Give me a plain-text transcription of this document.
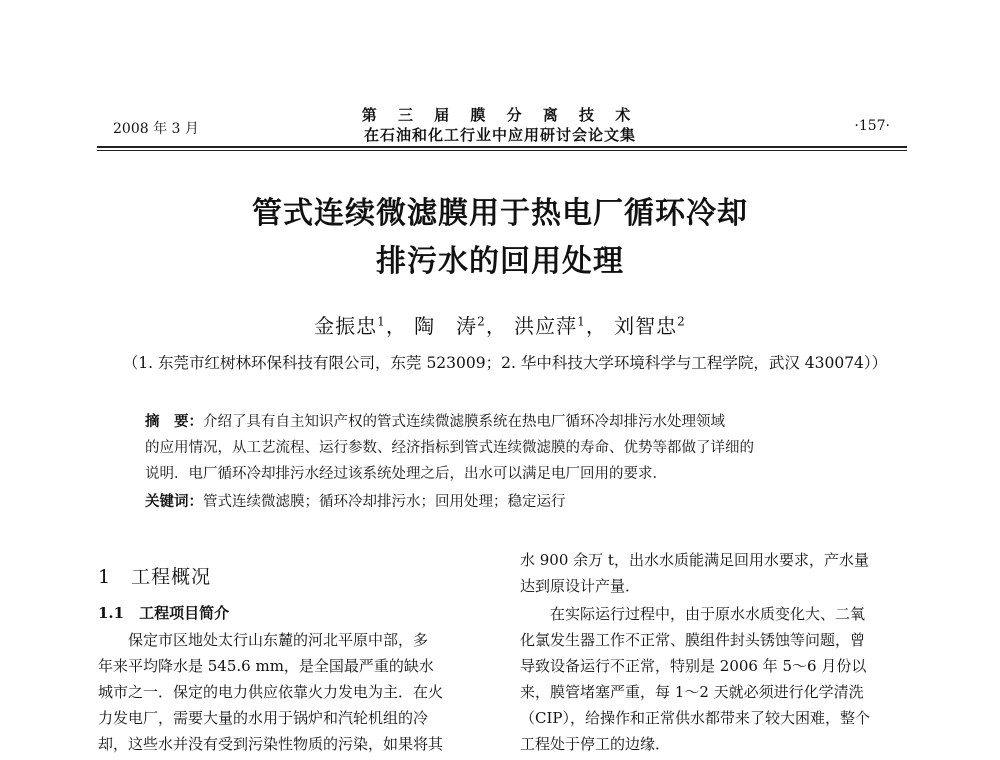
2008 年 3 月
第 三 届 膜 分 离 技 术
在石油和化工行业中应用研讨会论文集	·157·
管式连续微滤膜用于热电厂循环冷却
排污水的回用处理
金振忠$^1$， 陶　涛$^2$， 洪应萍$^1$， 刘智忠$^2$
（1. 东莞市红树林环保科技有限公司，东莞 523009；2. 华中科技大学环境科学与工程学院，武汉 430074））
摘　要：介绍了具有自主知识产权的管式连续微滤膜系统在热电厂循环冷却排污水处理领域
的应用情况，从工艺流程、运行参数、经济指标到管式连续微滤膜的寿命、优势等都做了详细的
说明．电厂循环冷却排污水经过该系统处理之后，出水可以满足电厂回用的要求．
关键词：管式连续微滤膜；循环冷却排污水；回用处理；稳定运行
1　工程概况
1.1　工程项目简介
　　保定市区地处太行山东麓的河北平原中部，多
年来平均降水是 545.6 mm，是全国最严重的缺水
城市之一．保定的电力供应依靠火力发电为主．在火
力发电厂，需要大量的水用于锅炉和汽轮机组的冷
却，这些水并没有受到污染性物质的污染，如果将其
水 900 余万 t，出水水质能满足回用水要求，产水量
达到原设计产量．
　　在实际运行过程中，由于原水水质变化大、二氧
化氯发生器工作不正常、膜组件封头锈蚀等问题，曾
导致设备运行不正常，特别是 2006 年 5～6 月份以
来，膜管堵塞严重，每 1～2 天就必须进行化学清洗
（CIP），给操作和正常供水都带来了较大困难，整个
工程处于停工的边缘．
